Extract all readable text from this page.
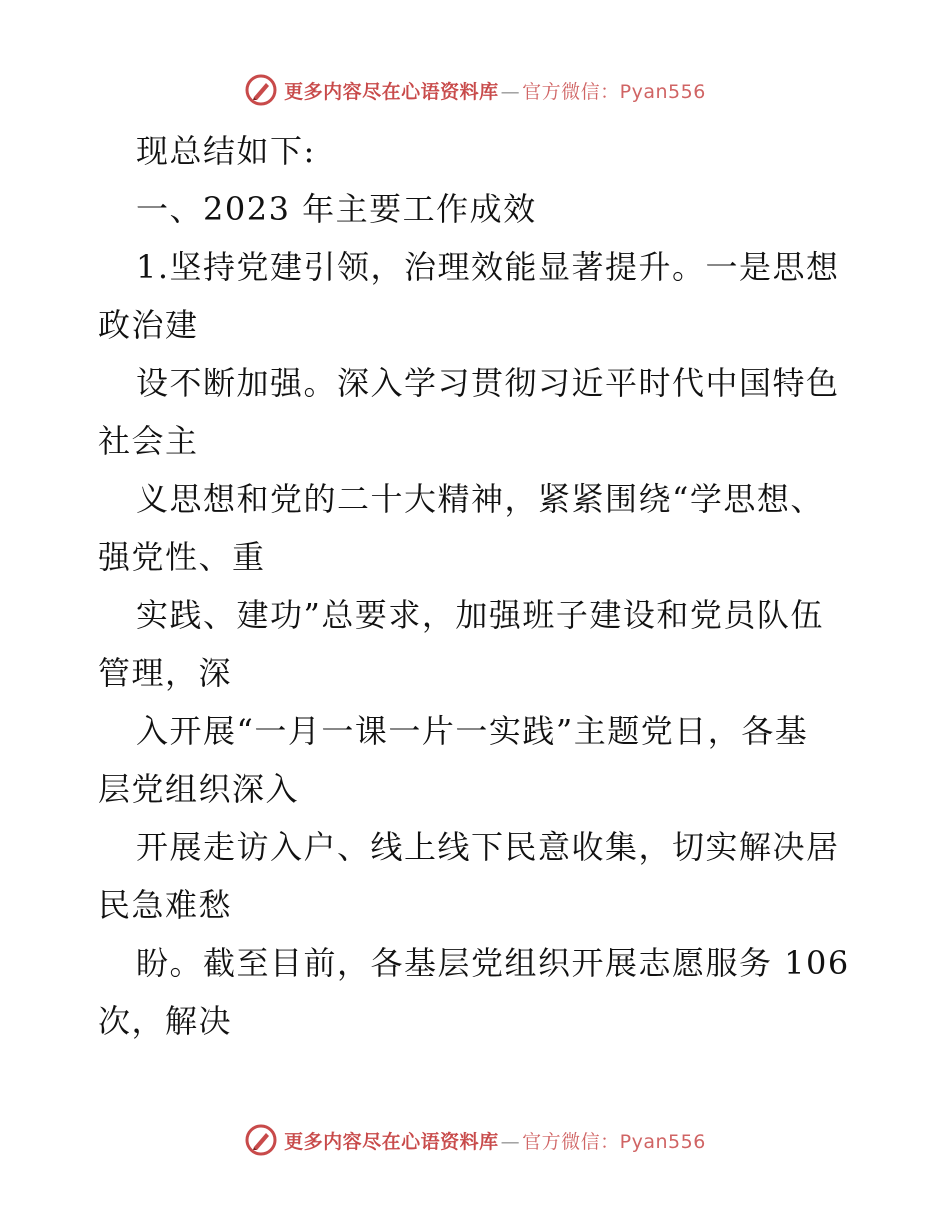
更多内容尽在心语资料库 — 官方微信：Pyan556
现总结如下:
一、2023 年主要工作成效
1.坚持党建引领，治理效能显著提升。一是思想
政治建
设不断加强。深入学习贯彻习近平时代中国特色
社会主
义思想和党的二十大精神，紧紧围绕“学思想、
强党性、重
实践、建功”总要求，加强班子建设和党员队伍
管理，深
入开展“一月一课一片一实践”主题党日，各基
层党组织深入
开展走访入户、线上线下民意收集，切实解决居
民急难愁
盼。截至目前，各基层党组织开展志愿服务 106
次，解决
更多内容尽在心语资料库 — 官方微信：Pyan556
